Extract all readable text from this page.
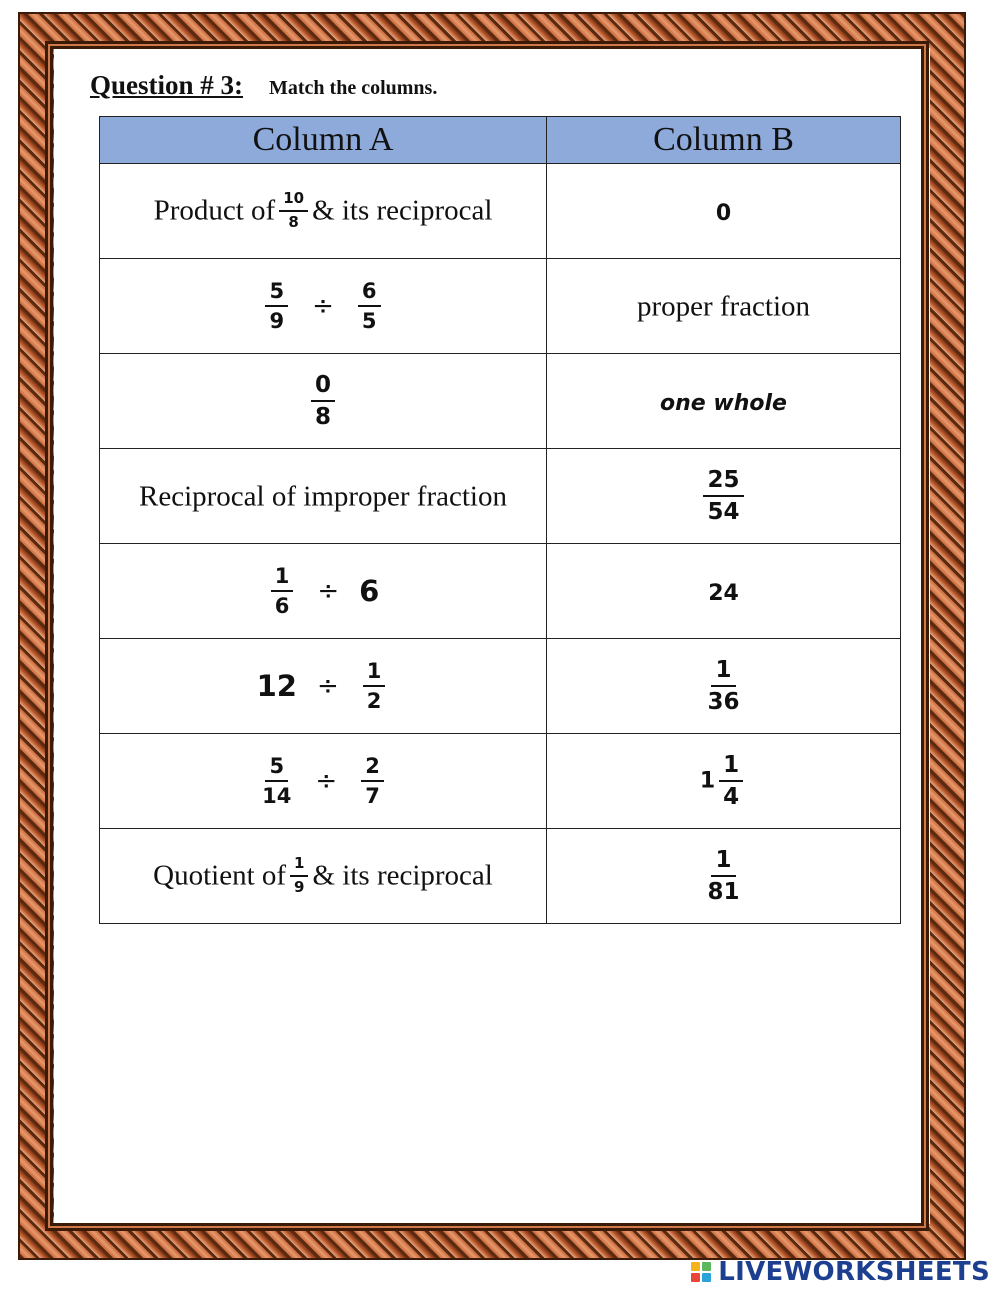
Question # 3: Match the columns.
Column A	Column B
Product of $\frac{10}{8}$ & its reciprocal	0

$\frac{5}{9} \div \frac{6}{5}$	proper fraction

$\frac{0}{8}$	one whole
Reciprocal of improper fraction	$\frac{25}{54}$

$\frac{1}{6} \div 6$	24
$12 \div \frac{1}{2}$	$\frac{1}{36}$

$\frac{5}{14} \div \frac{2}{7}$	$1 \frac{1}{4}$

Quotient of $\frac{1}{9}$ & its reciprocal	$\frac{1}{81}$
LIVEWORKSHEETS
